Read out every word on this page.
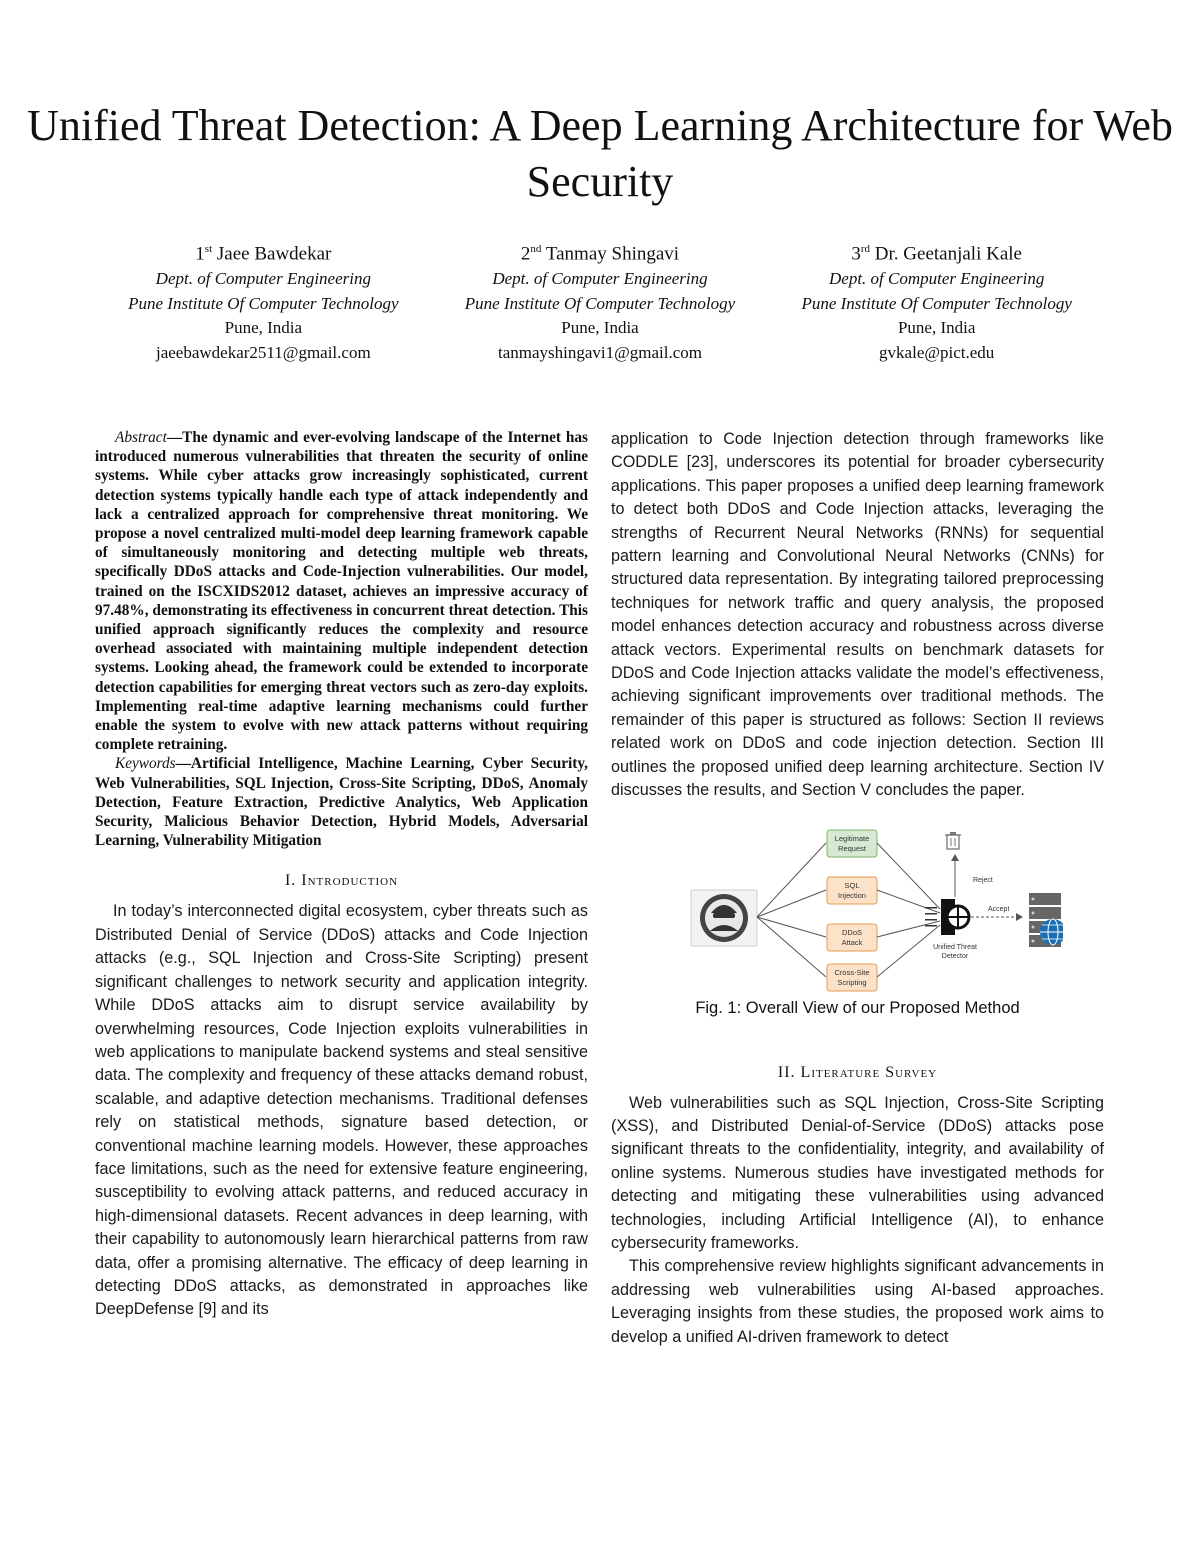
Unified Threat Detection: A Deep Learning Architecture for Web Security
1st Jaee Bawdekar
Dept. of Computer Engineering
Pune Institute Of Computer Technology
Pune, India
jaeebawdekar2511@gmail.com
2nd Tanmay Shingavi
Dept. of Computer Engineering
Pune Institute Of Computer Technology
Pune, India
tanmayshingavi1@gmail.com
3rd Dr. Geetanjali Kale
Dept. of Computer Engineering
Pune Institute Of Computer Technology
Pune, India
gvkale@pict.edu

Abstract—The dynamic and ever-evolving landscape of the Internet has introduced numerous vulnerabilities that threaten the security of online systems. While cyber attacks grow increasingly sophisticated, current detection systems typically handle each type of attack independently and lack a centralized approach for comprehensive threat monitoring. We propose a novel centralized multi-model deep learning framework capable of simultaneously monitoring and detecting multiple web threats, specifically DDoS attacks and Code-Injection vulnerabilities. Our model, trained on the ISCXIDS2012 dataset, achieves an impressive accuracy of 97.48%, demonstrating its effectiveness in concurrent threat detection. This unified approach significantly reduces the complexity and resource overhead associated with maintaining multiple independent detection systems. Looking ahead, the framework could be extended to incorporate detection capabilities for emerging threat vectors such as zero-day exploits. Implementing real-time adaptive learning mechanisms could further enable the system to evolve with new attack patterns without requiring complete retraining.

Keywords—Artificial Intelligence, Machine Learning, Cyber Security, Web Vulnerabilities, SQL Injection, Cross-Site Scripting, DDoS, Anomaly Detection, Feature Extraction, Predictive Analytics, Web Application Security, Malicious Behavior Detection, Hybrid Models, Adversarial Learning, Vulnerability Mitigation

I. Introduction

In today’s interconnected digital ecosystem, cyber threats such as Distributed Denial of Service (DDoS) attacks and Code Injection attacks (e.g., SQL Injection and Cross-Site Scripting) present significant challenges to network security and application integrity. While DDoS attacks aim to disrupt service availability by overwhelming resources, Code Injection exploits vulnerabilities in web applications to manipulate backend systems and steal sensitive data. The complexity and frequency of these attacks demand robust, scalable, and adaptive detection mechanisms. Traditional defenses rely on statistical methods, signature based detection, or conventional machine learning models. However, these approaches face limitations, such as the need for extensive feature engineering, susceptibility to evolving attack patterns, and reduced accuracy in high-dimensional datasets. Recent advances in deep learning, with their capability to autonomously learn hierarchical patterns from raw data, offer a promising alternative. The efficacy of deep learning in detecting DDoS attacks, as demonstrated in approaches like DeepDefense [9] and its

application to Code Injection detection through frameworks like CODDLE [23], underscores its potential for broader cybersecurity applications. This paper proposes a unified deep learning framework to detect both DDoS and Code Injection attacks, leveraging the strengths of Recurrent Neural Networks (RNNs) for sequential pattern learning and Convolutional Neural Networks (CNNs) for structured data representation. By integrating tailored preprocessing techniques for network traffic and query analysis, the proposed model enhances detection accuracy and robustness across diverse attack vectors. Experimental results on benchmark datasets for DDoS and Code Injection attacks validate the model’s effectiveness, achieving significant improvements over traditional methods. The remainder of this paper is structured as follows: Section II reviews related work on DDoS and code injection detection. Section III outlines the proposed unified deep learning architecture. Section IV discusses the results, and Section V concludes the paper.

Legitimate
Request
SQL
Injection
DDoS
Attack
Cross-Site
Scripting
Unified Threat
Detector
Reject
Accept

Fig. 1: Overall View of our Proposed Method

II. Literature Survey

Web vulnerabilities such as SQL Injection, Cross-Site Scripting (XSS), and Distributed Denial-of-Service (DDoS) attacks pose significant threats to the confidentiality, integrity, and availability of online systems. Numerous studies have investigated methods for detecting and mitigating these vulnerabilities using advanced technologies, including Artificial Intelligence (AI), to enhance cybersecurity frameworks.

This comprehensive review highlights significant advancements in addressing web vulnerabilities using AI-based approaches. Leveraging insights from these studies, the proposed work aims to develop a unified AI-driven framework to detect
